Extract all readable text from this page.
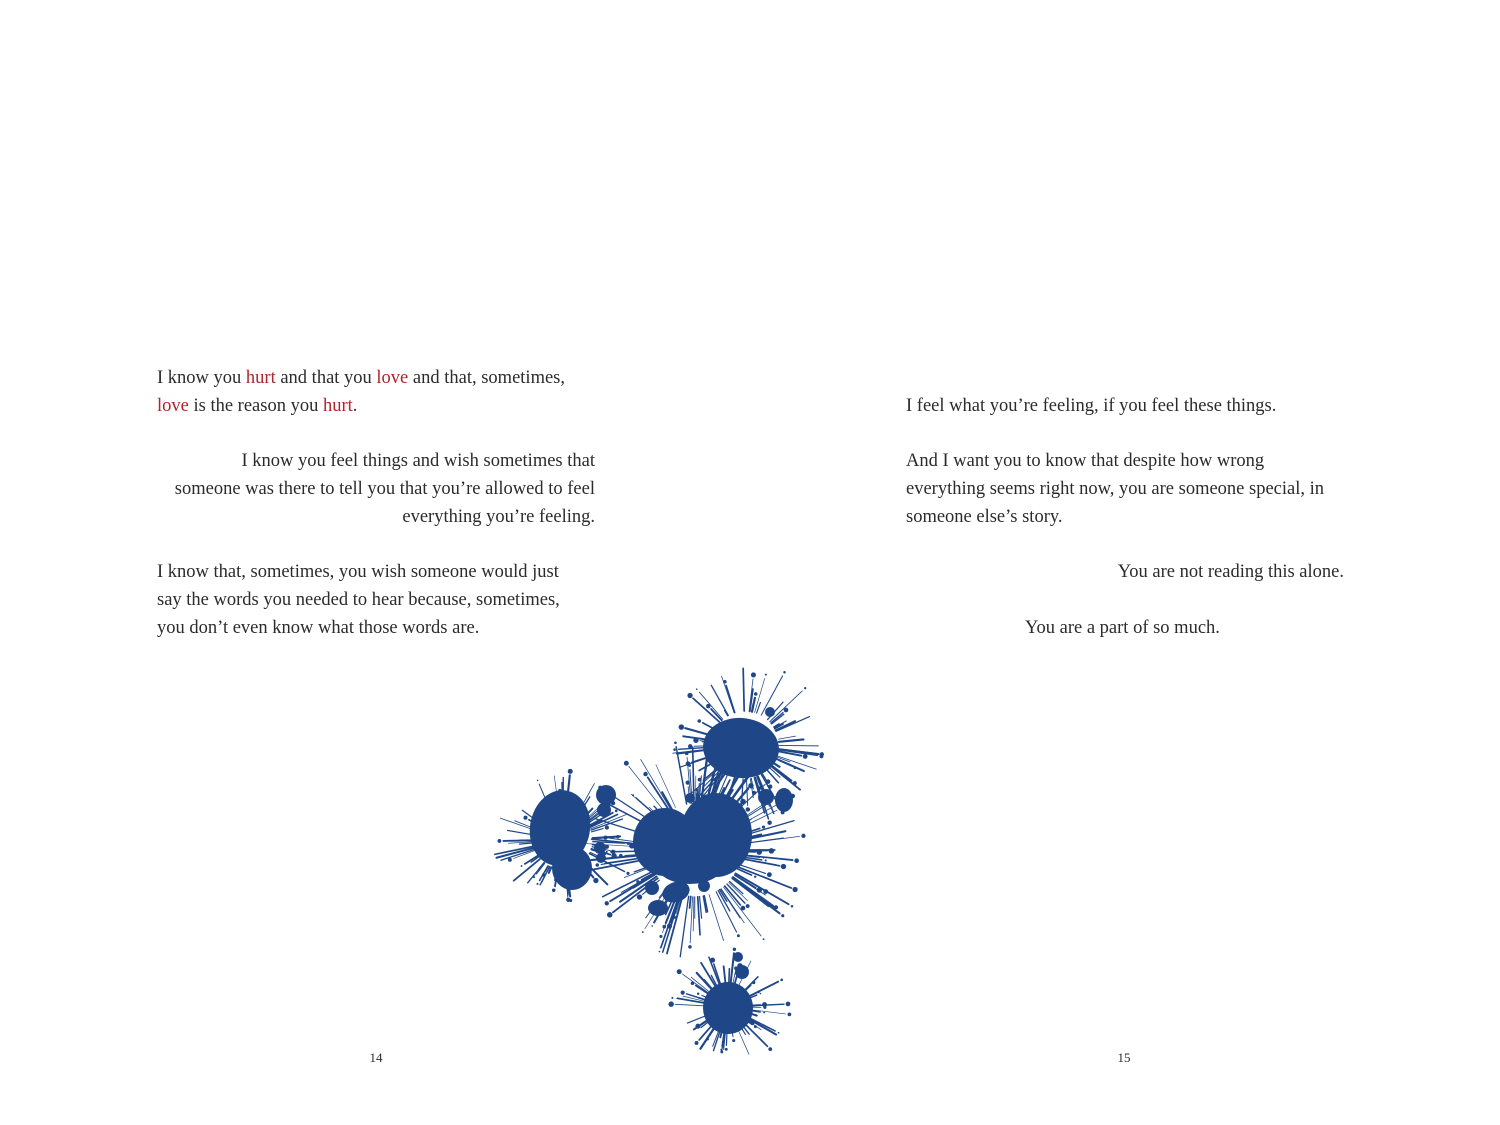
I know you hurt and that you love and that, sometimes,

love is the reason you hurt.

I know you feel things and wish sometimes that

someone was there to tell you that you’re allowed to feel

everything you’re feeling.

I know that, sometimes, you wish someone would just

say the words you needed to hear because, sometimes,

you don’t even know what those words are.

14

I feel what you’re feeling, if you feel these things.

And I want you to know that despite how wrong

everything seems right now, you are someone special, in

someone else’s story.

You are not reading this alone.

You are a part of so much.

15
